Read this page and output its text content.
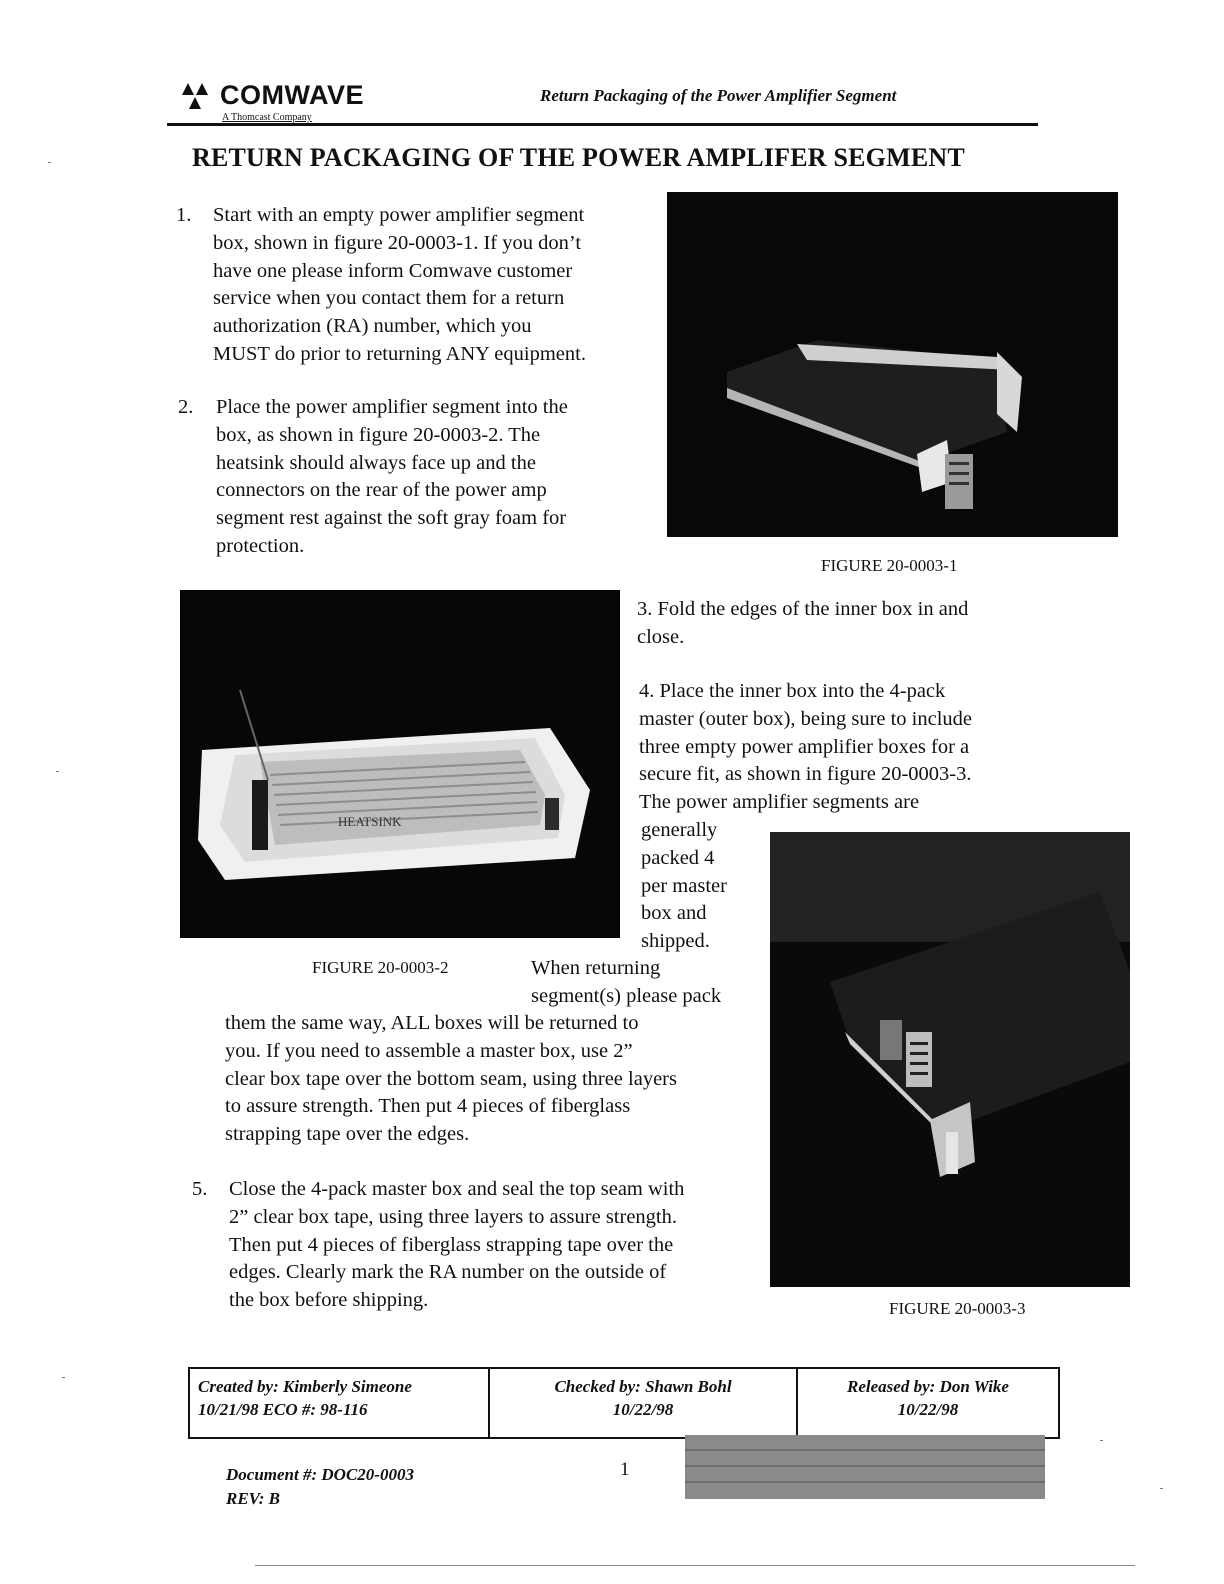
COMWAVE
A Thomcast Company
Return Packaging of the Power Amplifier Segment
RETURN PACKAGING OF THE POWER AMPLIFER SEGMENT
1. Start with an empty power amplifier segment
box, shown in figure 20-0003-1. If you don’t
have one please inform Comwave customer
service when you contact them for a return
authorization (RA) number, which you
MUST do prior to returning ANY equipment.
2. Place the power amplifier segment into the
box, as shown in figure 20-0003-2. The
heatsink should always face up and the
connectors on the rear of the power amp
segment rest against the soft gray foam for
protection.
FIGURE 20-0003-1
HEATSINK
FIGURE 20-0003-2
3. Fold the edges of the inner box in and
close.
4. Place the inner box into the 4-pack
master (outer box), being sure to include
three empty power amplifier boxes for a
secure fit, as shown in figure 20-0003-3.
The power amplifier segments are
generally
packed 4
per master
box and
shipped.
When returning
segment(s) please pack
them the same way, ALL boxes will be returned to
you. If you need to assemble a master box, use 2”
clear box tape over the bottom seam, using three layers
to assure strength. Then put 4 pieces of fiberglass
strapping tape over the edges.
FIGURE 20-0003-3
5. Close the 4-pack master box and seal the top seam with
2” clear box tape, using three layers to assure strength.
Then put 4 pieces of fiberglass strapping tape over the
edges. Clearly mark the RA number on the outside of
the box before shipping.
Created by: Kimberly Simeone
10/21/98 ECO #: 98-116
Checked by: Shawn Bohl
10/22/98
Released by: Don Wike
10/22/98
Document #: DOC20-0003
REV: B
1
